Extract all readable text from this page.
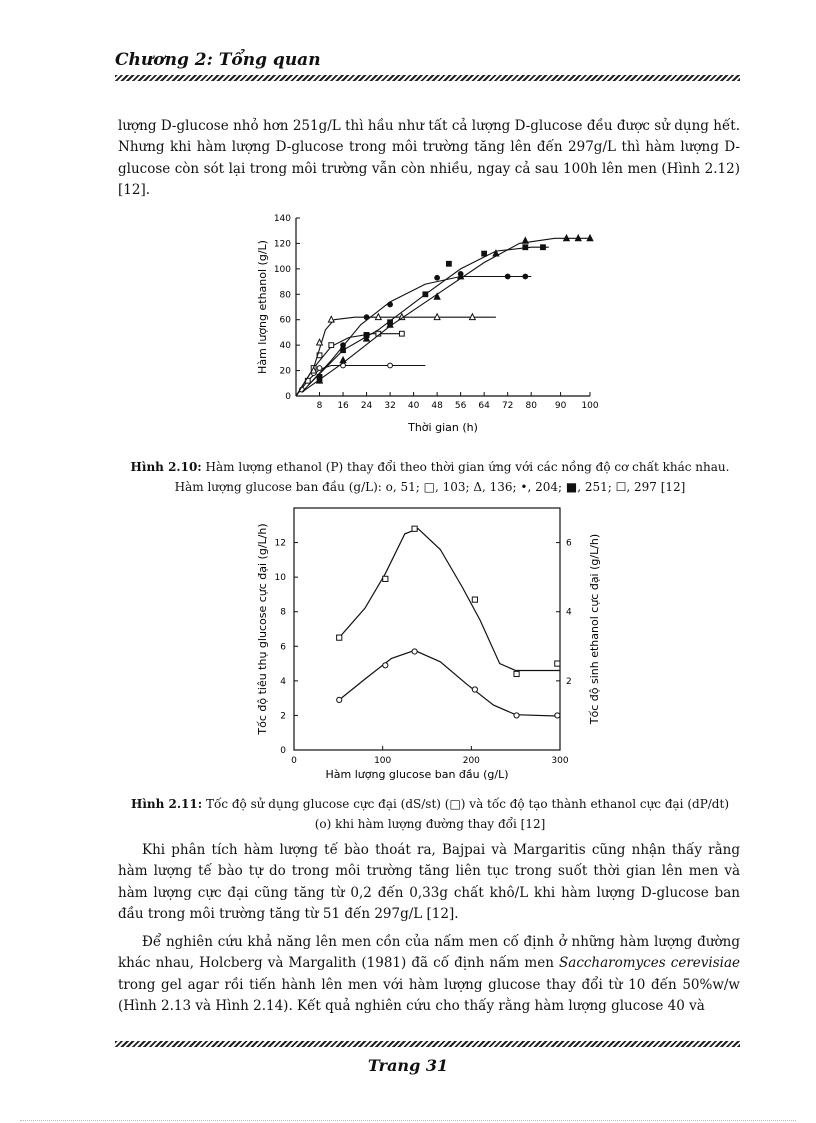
Chương 2: Tổng quan

lượng D-glucose nhỏ hơn 251g/L thì hầu như tất cả lượng D-glucose đều được sử dụng hết. Nhưng khi hàm lượng D-glucose trong môi trường tăng lên đến 297g/L thì hàm lượng D-glucose còn sót lại trong môi trường vẫn còn nhiều, ngay cả sau 100h lên men (Hình 2.12) [12].

0
20
40
60
80
100
120
140
8 16 24 32 40 48 56 64 72 80 90 100
Thời gian (h)
Hàm lượng ethanol (g/L)

Hình 2.10: Hàm lượng ethanol (P) thay đổi theo thời gian ứng với các nồng độ cơ chất khác nhau.
Hàm lượng glucose ban đầu (g/L): o, 51; □, 103; Δ, 136; •, 204; ■, 251; ☐, 297 [12]

0
2
4
6
8
10
12
2
4
6
0	100	200	300
Hàm lượng glucose ban đầu (g/L)
Tốc độ tiêu thụ glucose cực đại (g/L/h)	Tốc độ sinh ethanol cực đại (g/L/h)

Hình 2.11: Tốc độ sử dụng glucose cực đại (dS/st) (□) và tốc độ tạo thành ethanol cực đại (dP/dt)
(o) khi hàm lượng đường thay đổi [12]

Khi phân tích hàm lượng tế bào thoát ra, Bajpai và Margaritis cũng nhận thấy rằng hàm lượng tế bào tự do trong môi trường tăng liên tục trong suốt thời gian lên men và hàm lượng cực đại cũng tăng từ 0,2 đến 0,33g chất khô/L khi hàm lượng D-glucose ban đầu trong môi trường tăng từ 51 đến 297g/L [12].

Để nghiên cứu khả năng lên men cồn của nấm men cố định ở những hàm lượng đường khác nhau, Holcberg và Margalith (1981) đã cố định nấm men Saccharomyces cerevisiae trong gel agar rồi tiến hành lên men với hàm lượng glucose thay đổi từ 10 đến 50%w/w (Hình 2.13 và Hình 2.14). Kết quả nghiên cứu cho thấy rằng hàm lượng glucose 40 và

Trang 31
